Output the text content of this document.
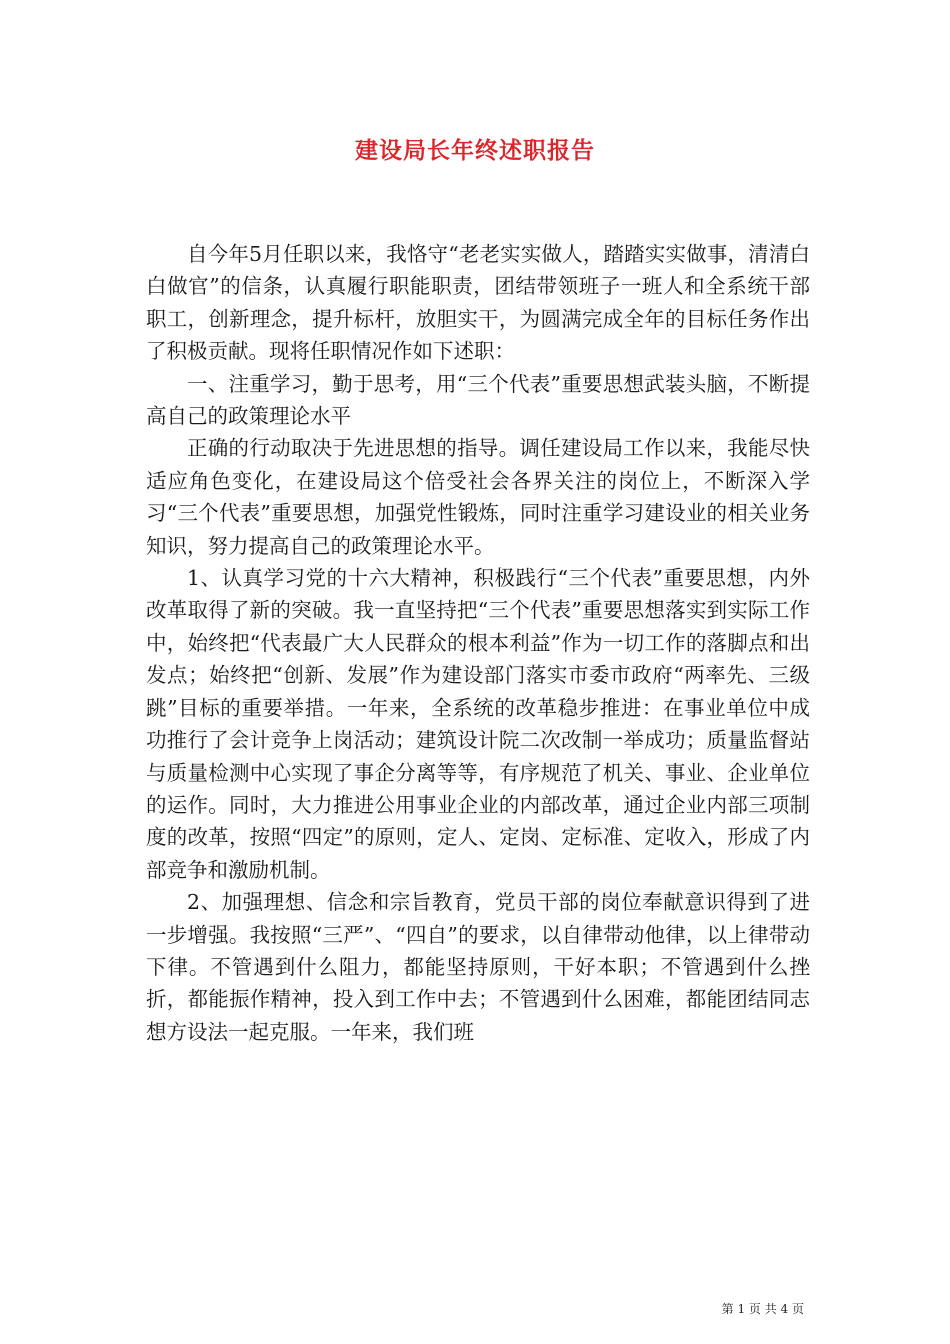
建设局长年终述职报告

自今年5月任职以来，我恪守“老老实实做人，踏踏实实做事，清清白白做官”的信条，认真履行职能职责，团结带领班子一班人和全系统干部职工，创新理念，提升标杆，放胆实干，为圆满完成全年的目标任务作出了积极贡献。现将任职情况作如下述职：

一、注重学习，勤于思考，用“三个代表”重要思想武装头脑，不断提高自己的政策理论水平

正确的行动取决于先进思想的指导。调任建设局工作以来，我能尽快适应角色变化，在建设局这个倍受社会各界关注的岗位上，不断深入学习“三个代表”重要思想，加强党性锻炼，同时注重学习建设业的相关业务知识，努力提高自己的政策理论水平。

1、认真学习党的十六大精神，积极践行“三个代表”重要思想，内外改革取得了新的突破。我一直坚持把“三个代表”重要思想落实到实际工作中，始终把“代表最广大人民群众的根本利益”作为一切工作的落脚点和出发点；始终把“创新、发展”作为建设部门落实市委市政府“两率先、三级跳”目标的重要举措。一年来，全系统的改革稳步推进：在事业单位中成功推行了会计竞争上岗活动；建筑设计院二次改制一举成功；质量监督站与质量检测中心实现了事企分离等等，有序规范了机关、事业、企业单位的运作。同时，大力推进公用事业企业的内部改革，通过企业内部三项制度的改革，按照“四定”的原则，定人、定岗、定标准、定收入，形成了内部竞争和激励机制。

2、加强理想、信念和宗旨教育，党员干部的岗位奉献意识得到了进一步增强。我按照“三严”、“四自”的要求，以自律带动他律，以上律带动下律。不管遇到什么阻力，都能坚持原则，干好本职；不管遇到什么挫折，都能振作精神，投入到工作中去；不管遇到什么困难，都能团结同志想方设法一起克服。一年来，我们班

第 1 页 共 4 页
